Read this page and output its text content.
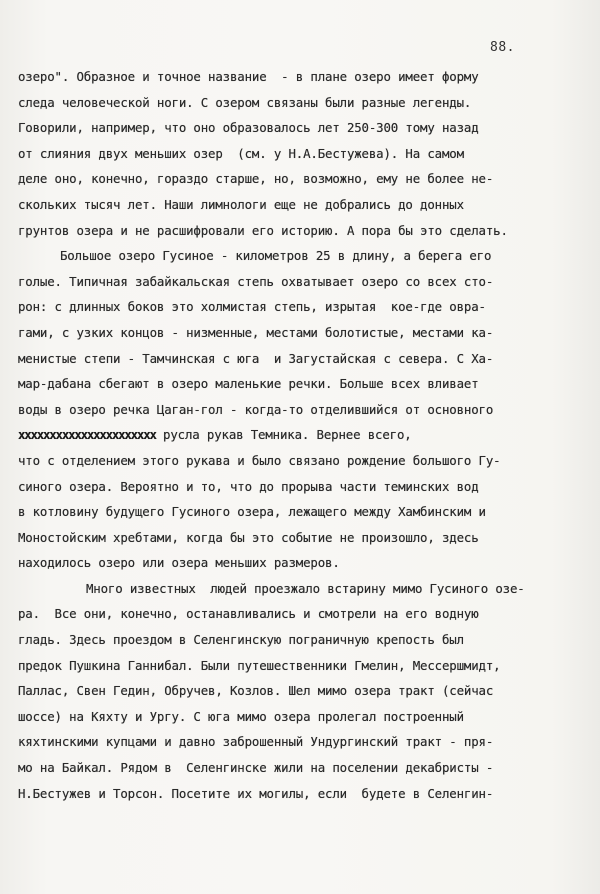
88.
озеро". Образное и точное название  - в плане озеро имеет форму
следа человеческой ноги. С озером связаны были разные легенды.
Говорили, например, что оно образовалось лет 250-300 тому назад
от слияния двух меньших озер  (см. у Н.А.Бестужева). На самом
деле оно, конечно, гораздо старше, но, возможно, ему не более не-
скольких тысяч лет. Наши лимнологи еще не добрались до донных
грунтов озера и не расшифровали его историю. А пора бы это сделать.
Большое озеро Гусиное - километров 25 в длину, а берега его
голые. Типичная забайкальская степь охватывает озеро со всех сто-
рон: с длинных боков это холмистая степь, изрытая  кое-где овра-
гами, с узких концов - низменные, местами болотистые, местами ка-
менистые степи - Тамчинская с юга  и Загустайская с севера. С Ха-
мар-дабана сбегают в озеро маленькие речки. Больше всех вливает
воды в озеро речка Цаган-гол - когда-то отделившийся от основного
хххххххххххххххххххххх русла рукав Темника. Вернее всего,
что с отделением этого рукава и было связано рождение большого Гу-
синого озера. Вероятно и то, что до прорыва части теминских вод
в котловину будущего Гусиного озера, лежащего между Хамбинским и
Моностойским хребтами, когда бы это событие не произошло, здесь
находилось озеро или озера меньших размеров.
Много известных  людей проезжало встарину мимо Гусиного озе-
ра.  Все они, конечно, останавливались и смотрели на его водную
гладь. Здесь проездом в Селенгинскую пограничную крепость был
предок Пушкина Ганнибал. Были путешественники Гмелин, Мессершмидт,
Паллас, Свен Гедин, Обручев, Козлов. Шел мимо озера тракт (сейчас
шоссе) на Кяхту и Ургу. С юга мимо озера пролегал построенный
кяхтинскими купцами и давно заброшенный Ундургинский тракт - пря-
мо на Байкал. Рядом в  Селенгинске жили на поселении декабристы -
Н.Бестужев и Торсон. Посетите их могилы, если  будете в Селенгин-
